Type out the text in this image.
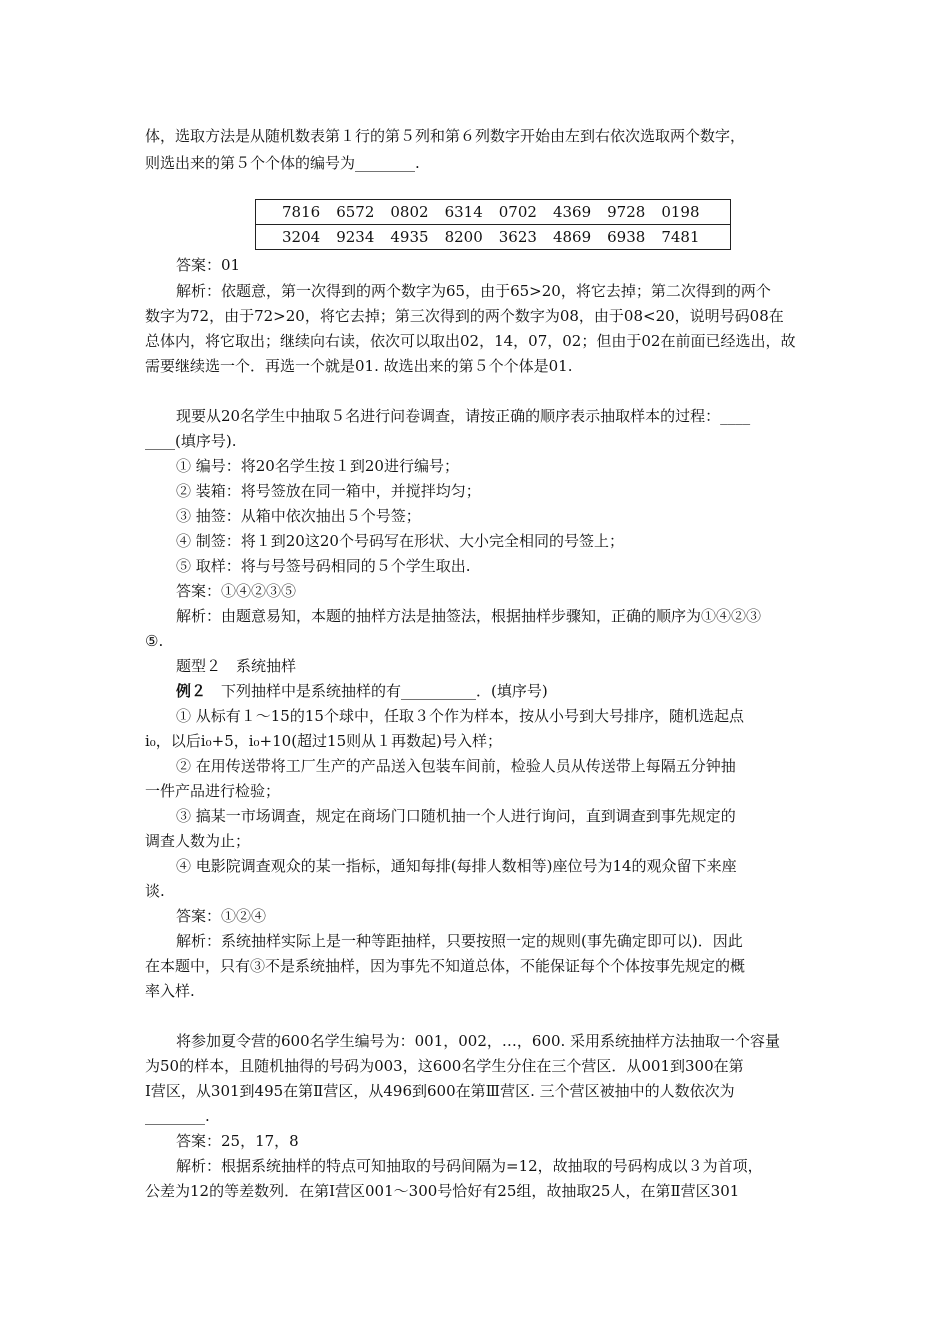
体，选取方法是从随机数表第１行的第５列和第６列数字开始由左到右依次选取两个数字，
则选出来的第５个个体的编号为________.
7816	6572	0802	6314	0702	4369	9728	0198
3204	9234	4935	8200	3623	4869	6938	7481
答案：01
解析：依题意，第一次得到的两个数字为65，由于65>20，将它去掉；第二次得到的两个
数字为72，由于72>20，将它去掉；第三次得到的两个数字为08，由于08<20，说明号码08在
总体内，将它取出；继续向右读，依次可以取出02，14，07，02；但由于02在前面已经选出，故
需要继续选一个．再选一个就是01. 故选出来的第５个个体是01.
现要从20名学生中抽取５名进行问卷调查，请按正确的顺序表示抽取样本的过程：____
____(填序号).
① 编号：将20名学生按１到20进行编号；
② 装箱：将号签放在同一箱中，并搅拌均匀；
③ 抽签：从箱中依次抽出５个号签；
④ 制签：将１到20这20个号码写在形状、大小完全相同的号签上；
⑤ 取样：将与号签号码相同的５个学生取出.
答案：①④②③⑤
解析：由题意易知，本题的抽样方法是抽签法，根据抽样步骤知，正确的顺序为①④②③
⑤.
题型２　系统抽样
例２　下列抽样中是系统抽样的有__________．(填序号)
① 从标有１～15的15个球中，任取３个作为样本，按从小号到大号排序，随机选起点
i₀，以后i₀+5，i₀+10(超过15则从１再数起)号入样；
② 在用传送带将工厂生产的产品送入包装车间前，检验人员从传送带上每隔五分钟抽
一件产品进行检验；
③ 搞某一市场调查，规定在商场门口随机抽一个人进行询问，直到调查到事先规定的
调查人数为止；
④ 电影院调查观众的某一指标，通知每排(每排人数相等)座位号为14的观众留下来座
谈.
答案：①②④
解析：系统抽样实际上是一种等距抽样，只要按照一定的规则(事先确定即可以)．因此
在本题中，只有③不是系统抽样，因为事先不知道总体，不能保证每个个体按事先规定的概
率入样.
将参加夏令营的600名学生编号为：001，002，…，600. 采用系统抽样方法抽取一个容量
为50的样本，且随机抽得的号码为003，这600名学生分住在三个营区．从001到300在第
Ⅰ营区，从301到495在第Ⅱ营区，从496到600在第Ⅲ营区. 三个营区被抽中的人数依次为
________.
答案：25，17，8
解析：根据系统抽样的特点可知抽取的号码间隔为=12，故抽取的号码构成以３为首项，
公差为12的等差数列．在第Ⅰ营区001～300号恰好有25组，故抽取25人，在第Ⅱ营区301
